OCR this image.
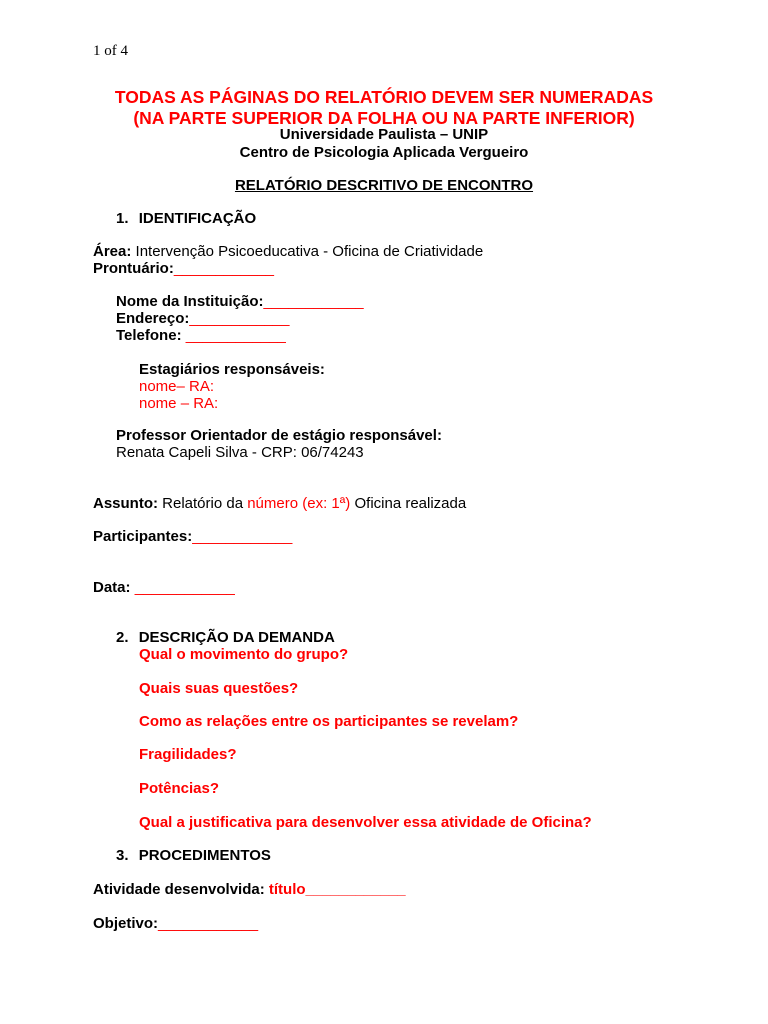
1 of 4
TODAS AS PÁGINAS DO RELATÓRIO DEVEM SER NUMERADAS
(NA PARTE SUPERIOR DA FOLHA OU NA PARTE INFERIOR)
Universidade Paulista – UNIP
Centro de Psicologia Aplicada Vergueiro
RELATÓRIO DESCRITIVO DE ENCONTRO
1. IDENTIFICAÇÃO
Área: Intervenção Psicoeducativa - Oficina de Criatividade
Prontuário:____________
Nome da Instituição:____________
Endereço:____________
Telefone: ____________
Estagiários responsáveis:
nome– RA:
nome – RA:
Professor Orientador de estágio responsável:
Renata Capeli Silva - CRP: 06/74243
Assunto: Relatório da número (ex: 1ª) Oficina realizada
Participantes:____________
Data: ____________
2. DESCRIÇÃO DA DEMANDA
Qual o movimento do grupo?
Quais suas questões?
Como as relações entre os participantes se revelam?
Fragilidades?
Potências?
Qual a justificativa para desenvolver essa atividade de Oficina?
3. PROCEDIMENTOS
Atividade desenvolvida: título____________
Objetivo:____________
